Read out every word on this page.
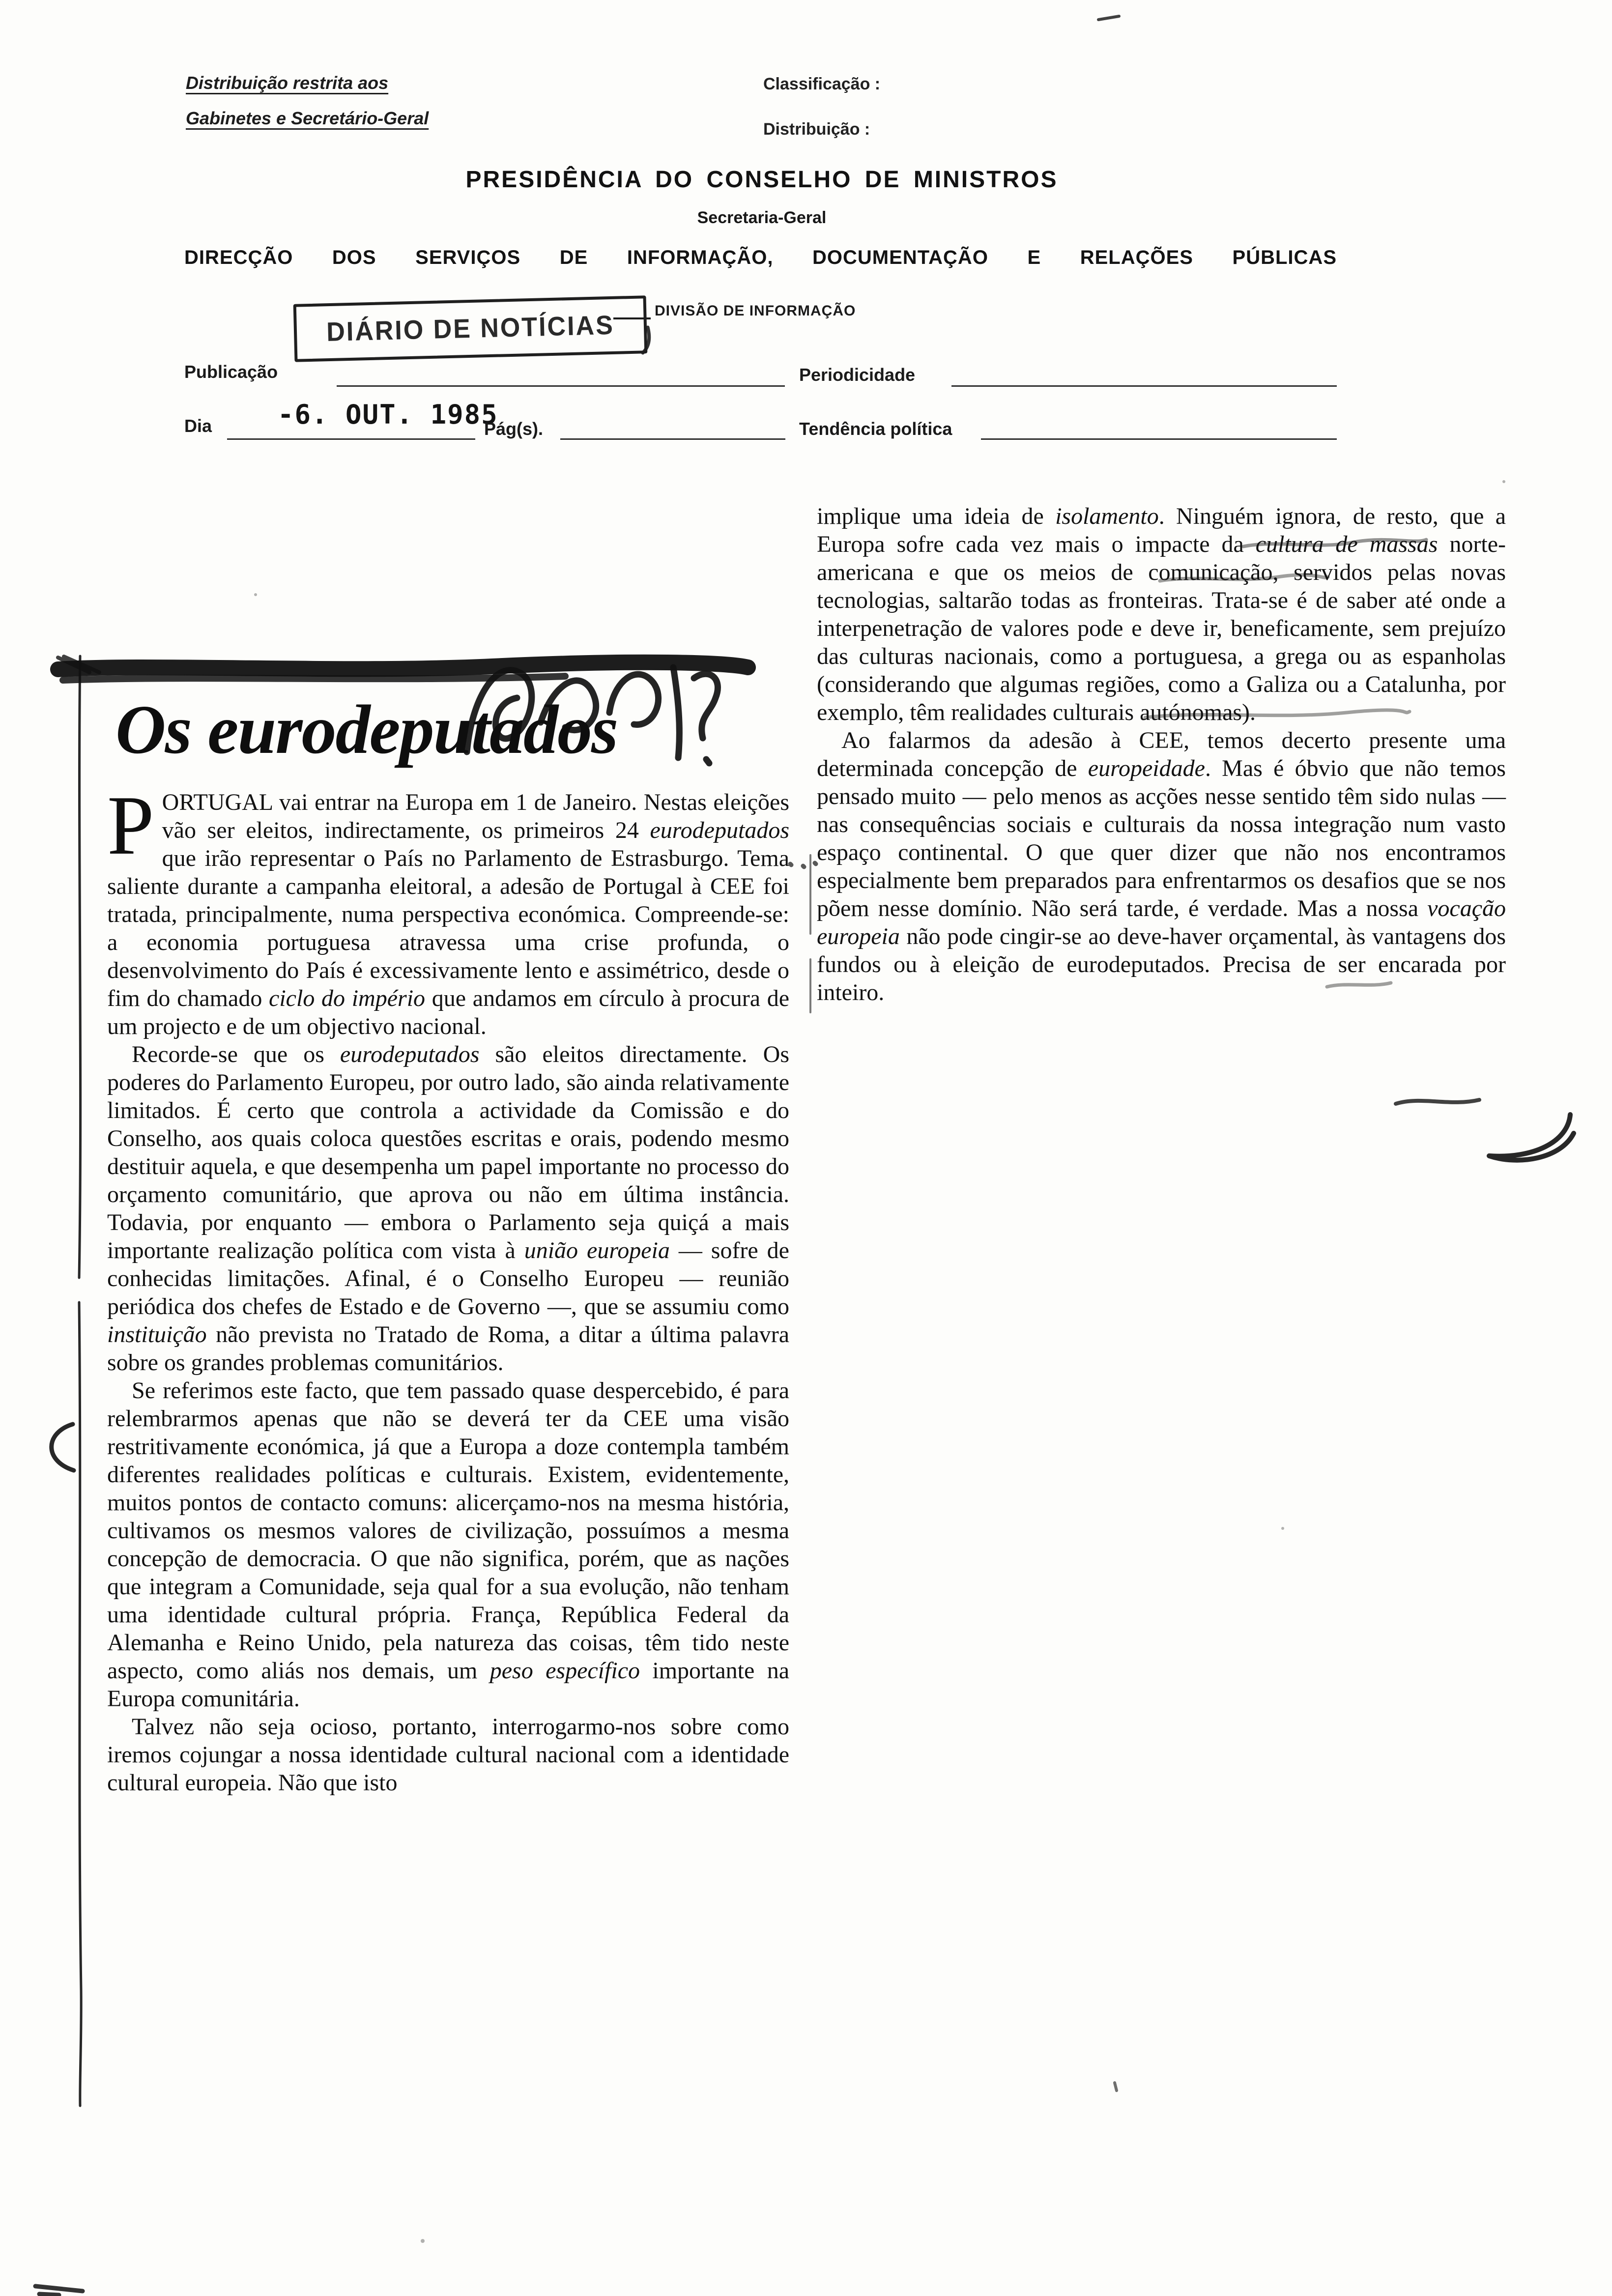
Distribuição restrita aos
Gabinetes e Secretário-Geral
Classificação :
Distribuição :
PRESIDÊNCIA DO CONSELHO DE MINISTROS
Secretaria-Geral
DIRECÇÃO DOS SERVIÇOS DE INFORMAÇÃO, DOCUMENTAÇÃO E RELAÇÕES PÚBLICAS
DIVISÃO DE INFORMAÇÃO
DIÁRIO DE NOTÍCIAS
Publicação	Periodicidade
Dia -6. OUT. 1985
Pág(s).	Tendência política
Os eurodeputados

PORTUGAL vai entrar na Europa em 1 de Janeiro. Nestas eleições vão ser eleitos, indirectamente, os primeiros 24 eurodeputados que irão representar o País no Parlamento de Estrasburgo. Tema saliente durante a campanha eleitoral, a adesão de Portugal à CEE foi tratada, principalmente, numa perspectiva económica. Compreende-se: a economia portuguesa atravessa uma crise profunda, o desenvolvimento do País é excessivamente lento e assimétrico, desde o fim do chamado ciclo do império que andamos em círculo à procura de um projecto e de um objectivo nacional.

Recorde-se que os eurodeputados são eleitos directamente. Os poderes do Parlamento Europeu, por outro lado, são ainda relativamente limitados. É certo que controla a actividade da Comissão e do Conselho, aos quais coloca questões escritas e orais, podendo mesmo destituir aquela, e que desempenha um papel importante no processo do orçamento comunitário, que aprova ou não em última instância. Todavia, por enquanto — embora o Parlamento seja quiçá a mais importante realização política com vista à união europeia — sofre de conhecidas limitações. Afinal, é o Conselho Europeu — reunião periódica dos chefes de Estado e de Governo —, que se assumiu como instituição não prevista no Tratado de Roma, a ditar a última palavra sobre os grandes problemas comunitários.

Se referimos este facto, que tem passado quase despercebido, é para relembrarmos apenas que não se deverá ter da CEE uma visão restritivamente económica, já que a Europa a doze contempla também diferentes realidades políticas e culturais. Existem, evidentemente, muitos pontos de contacto comuns: alicerçamo-nos na mesma história, cultivamos os mesmos valores de civilização, possuímos a mesma concepção de democracia. O que não significa, porém, que as nações que integram a Comunidade, seja qual for a sua evolução, não tenham uma identidade cultural própria. França, República Federal da Alemanha e Reino Unido, pela natureza das coisas, têm tido neste aspecto, como aliás nos demais, um peso específico importante na Europa comunitária.

Talvez não seja ocioso, portanto, interrogarmo-nos sobre como iremos cojungar a nossa identidade cultural nacional com a identidade cultural europeia. Não que isto

implique uma ideia de isolamento. Ninguém ignora, de resto, que a Europa sofre cada vez mais o impacte da cultura de massas norte-americana e que os meios de comunicação, servidos pelas novas tecnologias, saltarão todas as fronteiras. Trata-se é de saber até onde a interpenetração de valores pode e deve ir, beneficamente, sem prejuízo das culturas nacionais, como a portuguesa, a grega ou as espanholas (considerando que algumas regiões, como a Galiza ou a Catalunha, por exemplo, têm realidades culturais autónomas).

Ao falarmos da adesão à CEE, temos decerto presente uma determinada concepção de europeidade. Mas é óbvio que não temos pensado muito — pelo menos as acções nesse sentido têm sido nulas — nas consequências sociais e culturais da nossa integração num vasto espaço continental. O que quer dizer que não nos encontramos especialmente bem preparados para enfrentarmos os desafios que se nos põem nesse domínio. Não será tarde, é verdade. Mas a nossa vocação europeia não pode cingir-se ao deve-haver orçamental, às vantagens dos fundos ou à eleição de eurodeputados. Precisa de ser encarada por inteiro.
